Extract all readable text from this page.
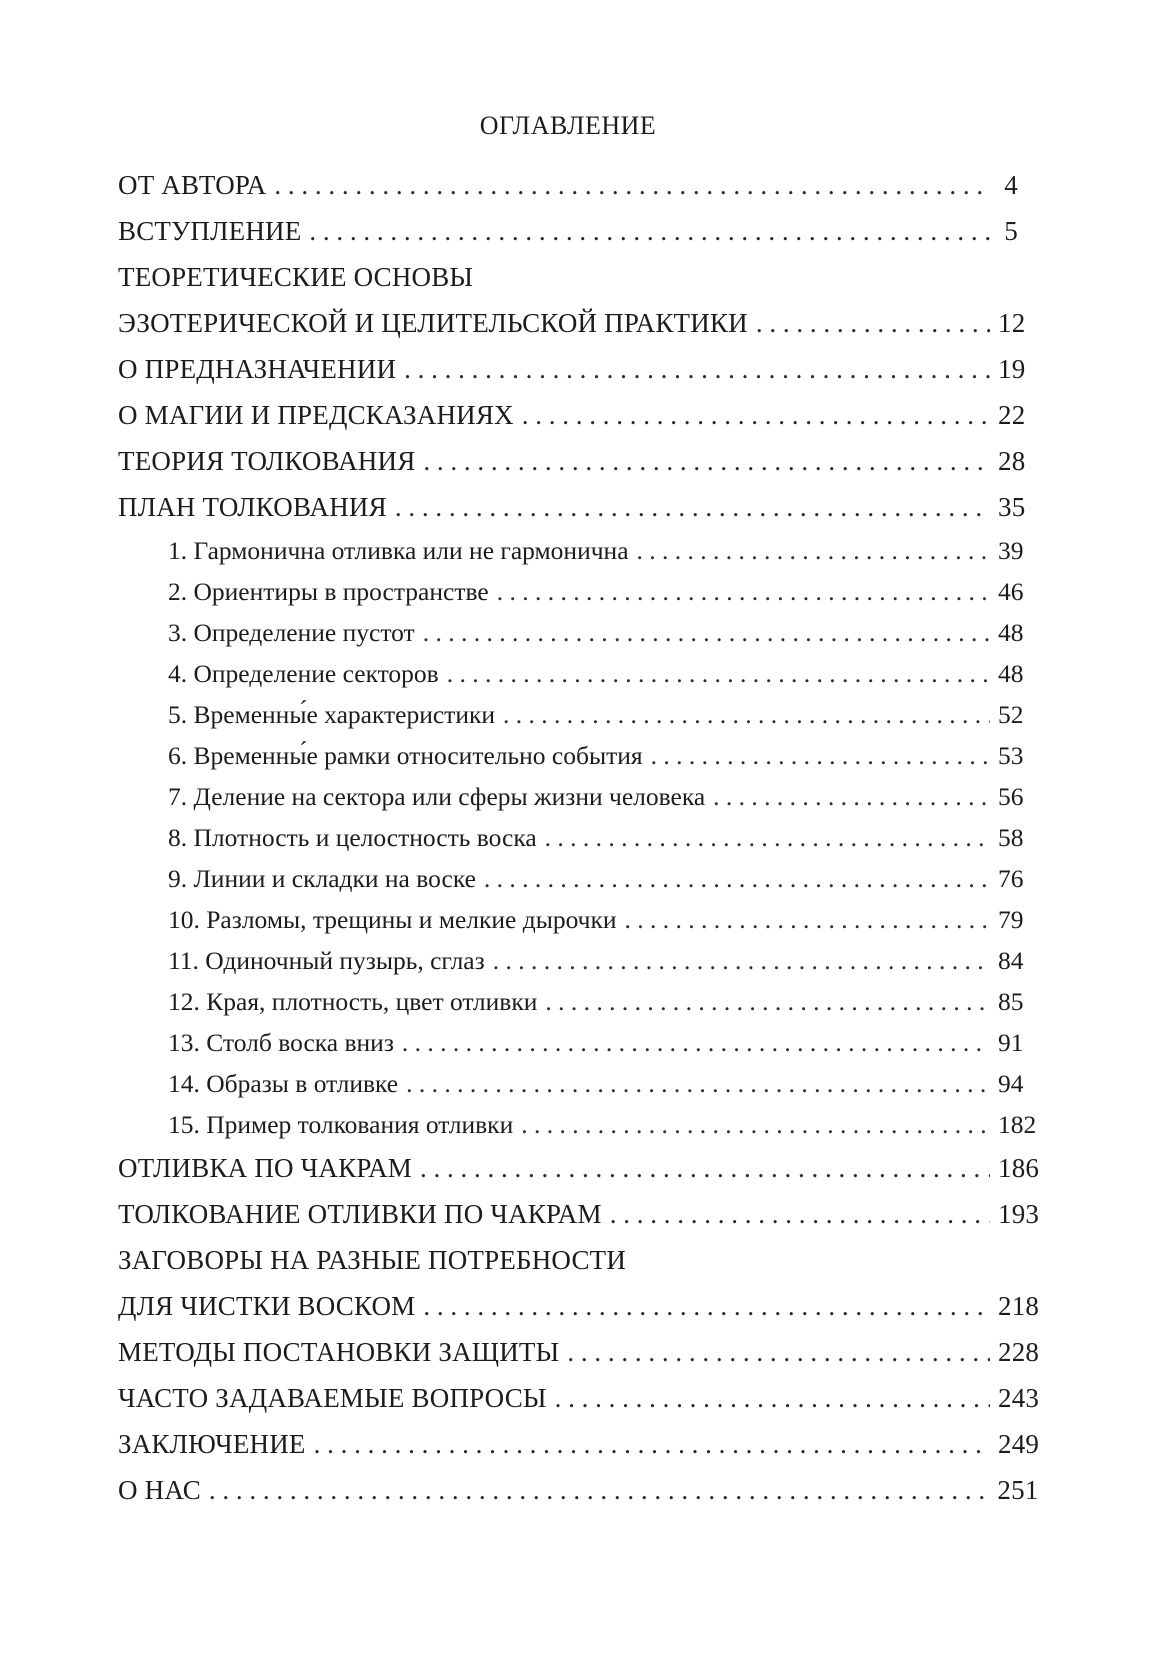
ОГЛАВЛЕНИЕ
ОТ АВТОРА . . .	4
ВСТУПЛЕНИЕ . . .	5
ТЕОРЕТИЧЕСКИЕ ОСНОВЫ
ЭЗОТЕРИЧЕСКОЙ И ЦЕЛИТЕЛЬСКОЙ ПРАКТИКИ . . .	12
О ПРЕДНАЗНАЧЕНИИ . . .	19
О МАГИИ И ПРЕДСКАЗАНИЯХ . . .	22
ТЕОРИЯ ТОЛКОВАНИЯ . . .	28
ПЛАН ТОЛКОВАНИЯ . . .	35
1. Гармонична отливка или не гармонична . . .	39
2. Ориентиры в пространстве . . .	46
3. Определение пустот . . .	48
4. Определение секторов . . .	48
5. Временны́е характеристики . . .	52
6. Временны́е рамки относительно события . . .	53
7. Деление на сектора или сферы жизни человека . . .	56
8. Плотность и целостность воска . . .	58
9. Линии и складки на воске . . .	76
10. Разломы, трещины и мелкие дырочки . . .	79
11. Одиночный пузырь, сглаз . . .	84
12. Края, плотность, цвет отливки . . .	85
13. Столб воска вниз . . .	91
14. Образы в отливке . . .	94
15. Пример толкования отливки . . .	182
ОТЛИВКА ПО ЧАКРАМ . . .	186
ТОЛКОВАНИЕ ОТЛИВКИ ПО ЧАКРАМ . . .	193
ЗАГОВОРЫ НА РАЗНЫЕ ПОТРЕБНОСТИ
ДЛЯ ЧИСТКИ ВОСКОМ . . .	218
МЕТОДЫ ПОСТАНОВКИ ЗАЩИТЫ . . .	228
ЧАСТО ЗАДАВАЕМЫЕ ВОПРОСЫ . . .	243
ЗАКЛЮЧЕНИЕ . . .	249
О НАС . . .	251
